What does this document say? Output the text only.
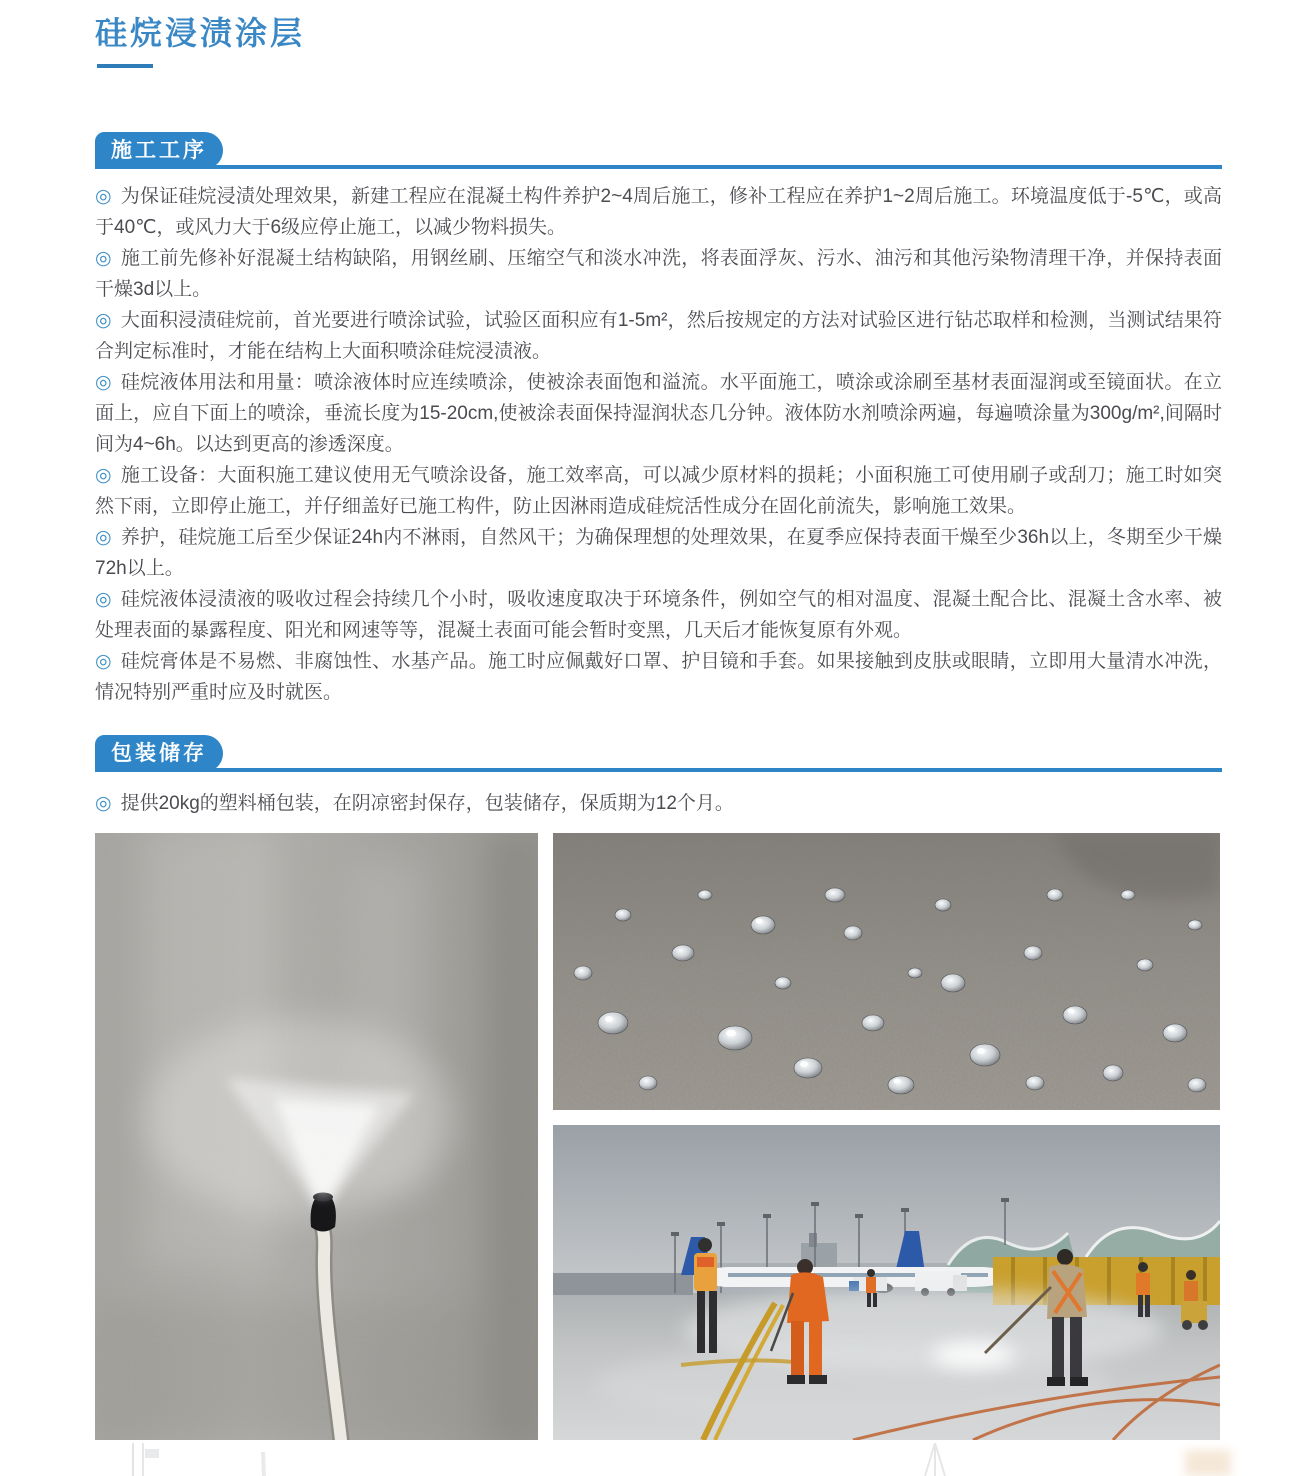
硅烷浸渍涂层
施工工序

◎ 为保证硅烷浸渍处理效果，新建工程应在混凝土构件养护2~4周后施工，修补工程应在养护1~2周后施工。环境温度低于-5℃，或高于40℃，或风力大于6级应停止施工，以减少物料损失。

◎ 施工前先修补好混凝土结构缺陷，用钢丝刷、压缩空气和淡水冲洗，将表面浮灰、污水、油污和其他污染物清理干净，并保持表面干燥3d以上。

◎ 大面积浸渍硅烷前，首光要进行喷涂试验，试验区面积应有1-5m²，然后按规定的方法对试验区进行钻芯取样和检测，当测试结果符合判定标准时，才能在结构上大面积喷涂硅烷浸渍液。

◎ 硅烷液体用法和用量：喷涂液体时应连续喷涂，使被涂表面饱和溢流。水平面施工，喷涂或涂刷至基材表面湿润或至镜面状。在立面上，应自下面上的喷涂，垂流长度为15-20cm,使被涂表面保持湿润状态几分钟。液体防水剂喷涂两遍，每遍喷涂量为300g/m²,间隔时间为4~6h。以达到更高的渗透深度。

◎ 施工设备：大面积施工建议使用无气喷涂设备，施工效率高，可以减少原材料的损耗；小面积施工可使用刷子或刮刀；施工时如突然下雨，立即停止施工，并仔细盖好已施工构件，防止因淋雨造成硅烷活性成分在固化前流失，影响施工效果。

◎ 养护，硅烷施工后至少保证24h内不淋雨，自然风干；为确保理想的处理效果，在夏季应保持表面干燥至少36h以上，冬期至少干燥72h以上。

◎ 硅烷液体浸渍液的吸收过程会持续几个小时，吸收速度取决于环境条件，例如空气的相对温度、混凝土配合比、混凝土含水率、被处理表面的暴露程度、阳光和网速等等，混凝土表面可能会暂时变黑，几天后才能恢复原有外观。

◎ 硅烷膏体是不易燃、非腐蚀性、水基产品。施工时应佩戴好口罩、护目镜和手套。如果接触到皮肤或眼睛，立即用大量清水冲洗，情况特别严重时应及时就医。

包装储存

◎ 提供20kg的塑料桶包装，在阴凉密封保存，包装储存，保质期为12个月。
